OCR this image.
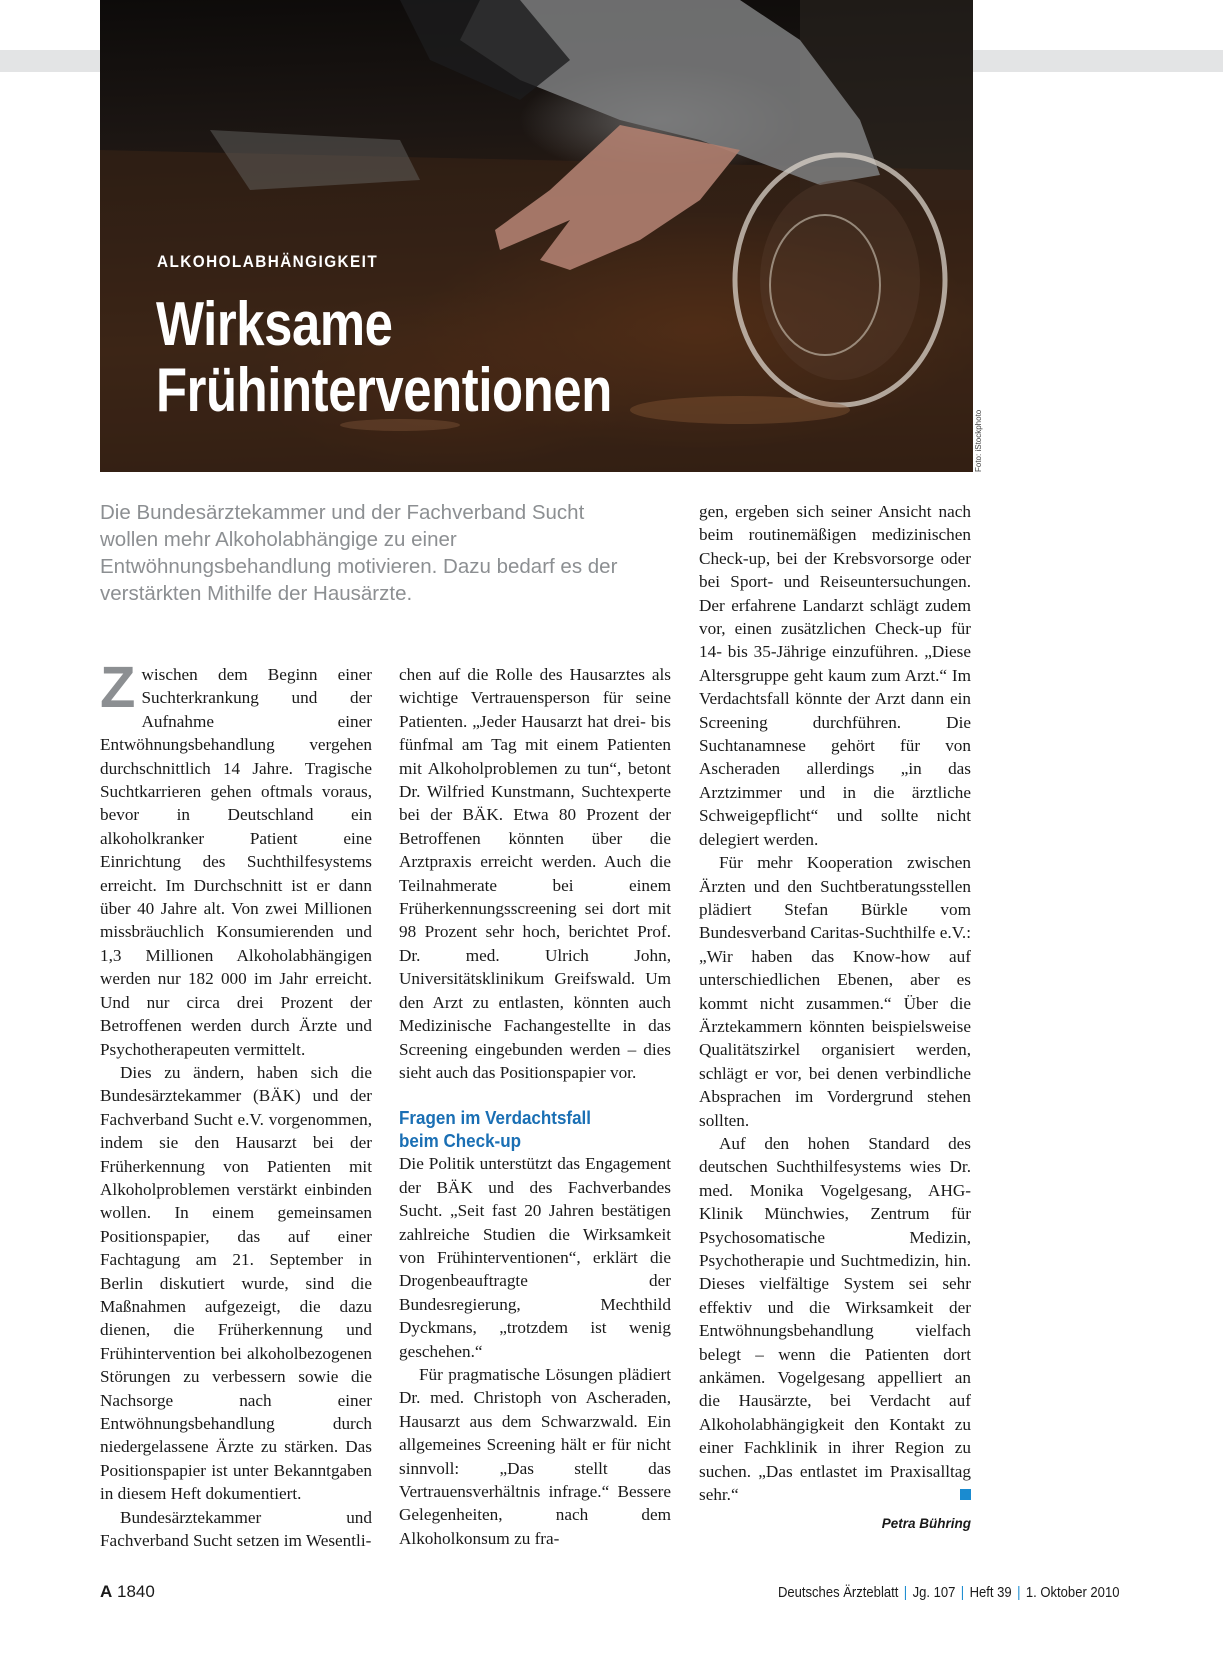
ALKOHOLABHÄNGIGKEIT
Wirksame
Frühinterventionen
Foto: iStockphoto
Die Bundesärztekammer und der Fachverband Sucht wollen mehr Alkoholabhängige zu einer Entwöhnungsbehandlung motivieren. Dazu bedarf es der verstärkten Mithilfe der Hausärzte.

Zwischen dem Beginn einer Suchterkrankung und der Aufnahme einer Entwöhnungsbehandlung vergehen durchschnittlich 14 Jahre. Tragische Suchtkarrieren gehen oftmals voraus, bevor in Deutschland ein alkoholkranker Patient eine Einrichtung des Suchthilfesystems erreicht. Im Durchschnitt ist er dann über 40 Jahre alt. Von zwei Millionen missbräuchlich Konsumierenden und 1,3 Millionen Alkoholabhängigen werden nur 182 000 im Jahr erreicht. Und nur circa drei Prozent der Betroffenen werden durch Ärzte und Psychotherapeuten vermittelt.

Dies zu ändern, haben sich die Bundesärztekammer (BÄK) und der Fachverband Sucht e.V. vorgenommen, indem sie den Hausarzt bei der Früherkennung von Patienten mit Alkoholproblemen verstärkt einbinden wollen. In einem gemeinsamen Positionspapier, das auf einer Fachtagung am 21. September in Berlin diskutiert wurde, sind die Maßnahmen aufgezeigt, die dazu dienen, die Früherkennung und Frühintervention bei alkoholbezogenen Störungen zu verbessern sowie die Nachsorge nach einer Entwöhnungsbehandlung durch niedergelassene Ärzte zu stärken. Das Positionspapier ist unter Bekanntgaben in diesem Heft dokumentiert.

Bundesärztekammer und Fachverband Sucht setzen im Wesentli-

chen auf die Rolle des Hausarztes als wichtige Vertrauensperson für seine Patienten. „Jeder Hausarzt hat drei- bis fünfmal am Tag mit einem Patienten mit Alkoholproblemen zu tun“, betont Dr. Wilfried Kunstmann, Suchtexperte bei der BÄK. Etwa 80 Prozent der Betroffenen könnten über die Arztpraxis erreicht werden. Auch die Teilnahmerate bei einem Früherkennungsscreening sei dort mit 98 Prozent sehr hoch, berichtet Prof. Dr. med. Ulrich John, Universitätsklinikum Greifswald. Um den Arzt zu entlasten, könnten auch Medizinische Fachangestellte in das Screening eingebunden werden – dies sieht auch das Positionspapier vor.

Fragen im Verdachtsfall
beim Check-up

Die Politik unterstützt das Engagement der BÄK und des Fachverbandes Sucht. „Seit fast 20 Jahren bestätigen zahlreiche Studien die Wirksamkeit von Frühinterventionen“, erklärt die Drogenbeauftragte der Bundesregierung, Mechthild Dyckmans, „trotzdem ist wenig geschehen.“

Für pragmatische Lösungen plädiert Dr. med. Christoph von Ascheraden, Hausarzt aus dem Schwarzwald. Ein allgemeines Screening hält er für nicht sinnvoll: „Das stellt das Vertrauensverhältnis infrage.“ Bessere Gelegenheiten, nach dem Alkoholkonsum zu fra-

gen, ergeben sich seiner Ansicht nach beim routinemäßigen medizinischen Check-up, bei der Krebsvorsorge oder bei Sport- und Reiseuntersuchungen. Der erfahrene Landarzt schlägt zudem vor, einen zusätzlichen Check-up für 14- bis 35-Jährige einzuführen. „Diese Altersgruppe geht kaum zum Arzt.“ Im Verdachtsfall könnte der Arzt dann ein Screening durchführen. Die Suchtanamnese gehört für von Ascheraden allerdings „in das Arztzimmer und in die ärztliche Schweigepflicht“ und sollte nicht delegiert werden.

Für mehr Kooperation zwischen Ärzten und den Suchtberatungsstellen plädiert Stefan Bürkle vom Bundesverband Caritas-Suchthilfe e.V.: „Wir haben das Know-how auf unterschiedlichen Ebenen, aber es kommt nicht zusammen.“ Über die Ärztekammern könnten beispielsweise Qualitätszirkel organisiert werden, schlägt er vor, bei denen verbindliche Absprachen im Vordergrund stehen sollten.

Auf den hohen Standard des deutschen Suchthilfesystems wies Dr. med. Monika Vogelgesang, AHG-Klinik Münchwies, Zentrum für Psychosomatische Medizin, Psychotherapie und Suchtmedizin, hin. Dieses vielfältige System sei sehr effektiv und die Wirksamkeit der Entwöhnungsbehandlung vielfach belegt – wenn die Patienten dort ankämen. Vogelgesang appelliert an die Hausärzte, bei Verdacht auf Alkoholabhängigkeit den Kontakt zu einer Fachklinik in ihrer Region zu suchen. „Das entlastet im Praxisalltag sehr.“

Petra Bühring
A 1840	Deutsches Ärzteblatt | Jg. 107 | Heft 39 | 1. Oktober 2010
